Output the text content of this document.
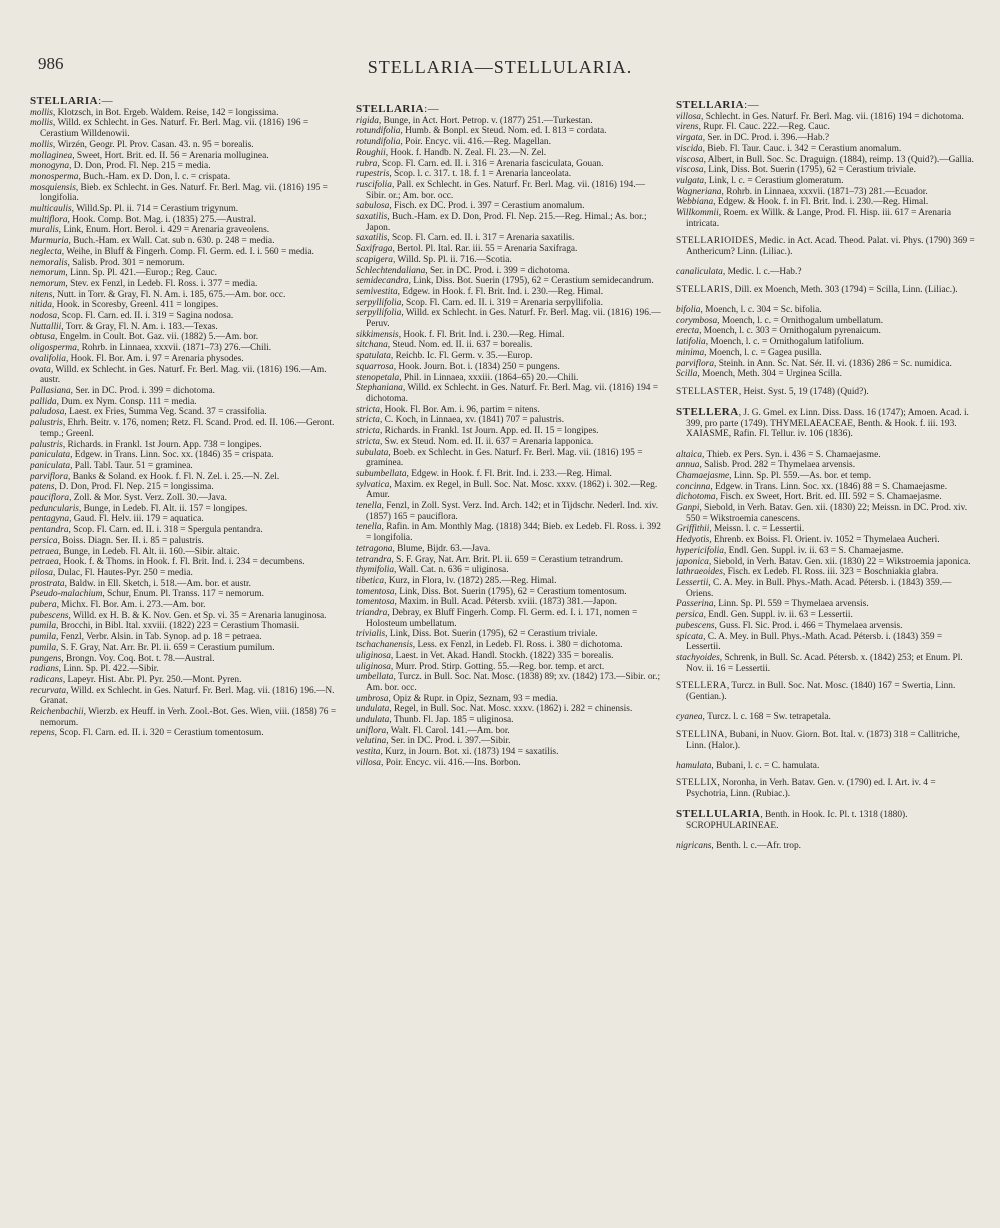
986	STELLARIA—STELLULARIA.
STELLARIA :—

mollis, Klotzsch, in Bot. Ergeb. Waldem. Reise, 142 = longissima.

mollis, Willd. ex Schlecht. in Ges. Naturf. Fr. Berl. Mag. vii. (1816) 196 = Cerastium Willdenowii.

mollis, Wirzén, Geogr. Pl. Prov. Casan. 43. n. 95 = borealis.

mollaginea, Sweet, Hort. Brit. ed. II. 56 = Arenaria molluginea.

monogyna, D. Don, Prod. Fl. Nep. 215 = media.

monosperma, Buch.-Ham. ex D. Don, l. c. = crispata.

mosquiensis, Bieb. ex Schlecht. in Ges. Naturf. Fr. Berl. Mag. vii. (1816) 195 = longifolia.

multicaulis, Willd.Sp. Pl. ii. 714 = Cerastium trigynum.

multiflora, Hook. Comp. Bot. Mag. i. (1835) 275.—Austral.

muralis, Link, Enum. Hort. Berol. i. 429 = Arenaria graveolens.

Murmuria, Buch.-Ham. ex Wall. Cat. sub n. 630. p. 248 = media.

neglecta, Weihe, in Bluff & Fingerh. Comp. Fl. Germ. ed. I. i. 560 = media.

nemoralis, Salisb. Prod. 301 = nemorum.

nemorum, Linn. Sp. Pl. 421.—Europ.; Reg. Cauc.

nemorum, Stev. ex Fenzl, in Ledeb. Fl. Ross. i. 377 = media.

nitens, Nutt. in Torr. & Gray, Fl. N. Am. i. 185, 675.—Am. bor. occ.

nitida, Hook. in Scoresby, Greenl. 411 = longipes.

nodosa, Scop. Fl. Carn. ed. II. i. 319 = Sagina nodosa.

Nuttallii, Torr. & Gray, Fl. N. Am. i. 183.—Texas.

obtusa, Engelm. in Coult. Bot. Gaz. vii. (1882) 5.—Am. bor.

oligosperma, Rohrb. in Linnaea, xxxvii. (1871–73) 276.—Chili.

ovalifolia, Hook. Fl. Bor. Am. i. 97 = Arenaria physodes.

ovata, Willd. ex Schlecht. in Ges. Naturf. Fr. Berl. Mag. vii. (1816) 196.—Am. austr.

Pallasiana, Ser. in DC. Prod. i. 399 = dichotoma.

pallida, Dum. ex Nym. Consp. 111 = media.

paludosa, Laest. ex Fries, Summa Veg. Scand. 37 = crassifolia.

palustris, Ehrh. Beitr. v. 176, nomen; Retz. Fl. Scand. Prod. ed. II. 106.—Geront. temp.; Greenl.

palustris, Richards. in Frankl. 1st Journ. App. 738 = longipes.

paniculata, Edgew. in Trans. Linn. Soc. xx. (1846) 35 = crispata.

paniculata, Pall. Tabl. Taur. 51 = graminea.

parviflora, Banks & Soland. ex Hook. f. Fl. N. Zel. i. 25.—N. Zel.

patens, D. Don, Prod. Fl. Nep. 215 = longissima.

pauciflora, Zoll. & Mor. Syst. Verz. Zoll. 30.—Java.

peduncularis, Bunge, in Ledeb. Fl. Alt. ii. 157 = longipes.

pentagyna, Gaud. Fl. Helv. iii. 179 = aquatica.

pentandra, Scop. Fl. Carn. ed. II. i. 318 = Spergula pentandra.

persica, Boiss. Diagn. Ser. II. i. 85 = palustris.

petraea, Bunge, in Ledeb. Fl. Alt. ii. 160.—Sibir. altaic.

petraea, Hook. f. & Thoms. in Hook. f. Fl. Brit. Ind. i. 234 = decumbens.

pilosa, Dulac, Fl. Hautes-Pyr. 250 = media.

prostrata, Baldw. in Ell. Sketch, i. 518.—Am. bor. et austr.

Pseudo-malachium, Schur, Enum. Pl. Transs. 117 = nemorum.

pubera, Michx. Fl. Bor. Am. i. 273.—Am. bor.

pubescens, Willd. ex H. B. & K. Nov. Gen. et Sp. vi. 35 = Arenaria lanuginosa.

pumila, Brocchi, in Bibl. Ital. xxviii. (1822) 223 = Cerastium Thomasii.

pumila, Fenzl, Verbr. Alsin. in Tab. Synop. ad p. 18 = petraea.

pumila, S. F. Gray, Nat. Arr. Br. Pl. ii. 659 = Cerastium pumilum.

pungens, Brongn. Voy. Coq. Bot. t. 78.—Austral.

radians, Linn. Sp. Pl. 422.—Sibir.

radicans, Lapeyr. Hist. Abr. Pl. Pyr. 250.—Mont. Pyren.

recurvata, Willd. ex Schlecht. in Ges. Naturf. Fr. Berl. Mag. vii. (1816) 196.—N. Granat.

Reichenbachii, Wierzb. ex Heuff. in Verh. Zool.-Bot. Ges. Wien, viii. (1858) 76 = nemorum.

repens, Scop. Fl. Carn. ed. II. i. 320 = Cerastium tomentosum.

STELLARIA :—

rigida, Bunge, in Act. Hort. Petrop. v. (1877) 251.—Turkestan.

rotundifolia, Humb. & Bonpl. ex Steud. Nom. ed. I. 813 = cordata.

rotundifolia, Poir. Encyc. vii. 416.—Reg. Magellan.

Roughii, Hook. f. Handb. N. Zeal. Fl. 23.—N. Zel.

rubra, Scop. Fl. Carn. ed. II. i. 316 = Arenaria fasciculata, Gouan.

rupestris, Scop. l. c. 317. t. 18. f. 1 = Arenaria lanceolata.

ruscifolia, Pall. ex Schlecht. in Ges. Naturf. Fr. Berl. Mag. vii. (1816) 194.—Sibir. or.; Am. bor. occ.

sabulosa, Fisch. ex DC. Prod. i. 397 = Cerastium anomalum.

saxatilis, Buch.-Ham. ex D. Don, Prod. Fl. Nep. 215.—Reg. Himal.; As. bor.; Japon.

saxatilis, Scop. Fl. Carn. ed. II. i. 317 = Arenaria saxatilis.

Saxifraga, Bertol. Pl. Ital. Rar. iii. 55 = Arenaria Saxifraga.

scapigera, Willd. Sp. Pl. ii. 716.—Scotia.

Schlechtendaliana, Ser. in DC. Prod. i. 399 = dichotoma.

semidecandra, Link, Diss. Bot. Suerin (1795), 62 = Cerastium semidecandrum.

semivestita, Edgew. in Hook. f. Fl. Brit. Ind. i. 230.—Reg. Himal.

serpyllifolia, Scop. Fl. Carn. ed. II. i. 319 = Arenaria serpyllifolia.

serpyllifolia, Willd. ex Schlecht. in Ges. Naturf. Fr. Berl. Mag. vii. (1816) 196.—Peruv.

sikkimensis, Hook. f. Fl. Brit. Ind. i. 230.—Reg. Himal.

sitchana, Steud. Nom. ed. II. ii. 637 = borealis.

spatulata, Reichb. Ic. Fl. Germ. v. 35.—Europ.

squarrosa, Hook. Journ. Bot. i. (1834) 250 = pungens.

stenopetala, Phil. in Linnaea, xxxiii. (1864–65) 20.—Chili.

Stephaniana, Willd. ex Schlecht. in Ges. Naturf. Fr. Berl. Mag. vii. (1816) 194 = dichotoma.

stricta, Hook. Fl. Bor. Am. i. 96, partim = nitens.

stricta, C. Koch, in Linnaea, xv. (1841) 707 = palustris.

stricta, Richards. in Frankl. 1st Journ. App. ed. II. 15 = longipes.

stricta, Sw. ex Steud. Nom. ed. II. ii. 637 = Arenaria lapponica.

subulata, Boeb. ex Schlecht. in Ges. Naturf. Fr. Berl. Mag. vii. (1816) 195 = graminea.

subumbellata, Edgew. in Hook. f. Fl. Brit. Ind. i. 233.—Reg. Himal.

sylvatica, Maxim. ex Regel, in Bull. Soc. Nat. Mosc. xxxv. (1862) i. 302.—Reg. Amur.

tenella, Fenzl, in Zoll. Syst. Verz. Ind. Arch. 142; et in Tijdschr. Nederl. Ind. xiv. (1857) 165 = pauciflora.

tenella, Rafin. in Am. Monthly Mag. (1818) 344; Bieb. ex Ledeb. Fl. Ross. i. 392 = longifolia.

tetragona, Blume, Bijdr. 63.—Java.

tetrandra, S. F. Gray, Nat. Arr. Brit. Pl. ii. 659 = Cerastium tetrandrum.

thymifolia, Wall. Cat. n. 636 = uliginosa.

tibetica, Kurz, in Flora, lv. (1872) 285.—Reg. Himal.

tomentosa, Link, Diss. Bot. Suerin (1795), 62 = Cerastium tomentosum.

tomentosa, Maxim. in Bull. Acad. Pétersb. xviii. (1873) 381.—Japon.

triandra, Debray, ex Bluff Fingerh. Comp. Fl. Germ. ed. I. i. 171, nomen = Holosteum umbellatum.

trivialis, Link, Diss. Bot. Suerin (1795), 62 = Cerastium triviale.

tschachanensis, Less. ex Fenzl, in Ledeb. Fl. Ross. i. 380 = dichotoma.

uliginosa, Laest. in Vet. Akad. Handl. Stockh. (1822) 335 = borealis.

uliginosa, Murr. Prod. Stirp. Gotting. 55.—Reg. bor. temp. et arct.

umbellata, Turcz. in Bull. Soc. Nat. Mosc. (1838) 89; xv. (1842) 173.—Sibir. or.; Am. bor. occ.

umbrosa, Opiz & Rupr. in Opiz, Seznam, 93 = media.

undulata, Regel, in Bull. Soc. Nat. Mosc. xxxv. (1862) i. 282 = chinensis.

undulata, Thunb. Fl. Jap. 185 = uliginosa.

uniflora, Walt. Fl. Carol. 141.—Am. bor.

velutina, Ser. in DC. Prod. i. 397.—Sibir.

vestita, Kurz, in Journ. Bot. xi. (1873) 194 = saxatilis.

villosa, Poir. Encyc. vii. 416.—Ins. Borbon.

STELLARIA :—

villosa, Schlecht. in Ges. Naturf. Fr. Berl. Mag. vii. (1816) 194 = dichotoma.

virens, Rupr. Fl. Cauc. 222.—Reg. Cauc.

virgata, Ser. in DC. Prod. i. 396.—Hab.?

viscida, Bieb. Fl. Taur. Cauc. i. 342 = Cerastium anomalum.

viscosa, Albert, in Bull. Soc. Sc. Draguign. (1884), reimp. 13 (Quid?).—Gallia.

viscosa, Link, Diss. Bot. Suerin (1795), 62 = Cerastium triviale.

vulgata, Link, l. c. = Cerastium glomeratum.

Wagneriana, Rohrb. in Linnaea, xxxvii. (1871–73) 281.—Ecuador.

Webbiana, Edgew. & Hook. f. in Fl. Brit. Ind. i. 230.—Reg. Himal.

Willkommii, Roem. ex Willk. & Lange, Prod. Fl. Hisp. iii. 617 = Arenaria intricata.

STELLARIOIDES, Medic. in Act. Acad. Theod. Palat. vi. Phys. (1790) 369 = Anthericum? Linn. (Liliac.).

canaliculata, Medic. l. c.—Hab.?

STELLARIS, Dill. ex Moench, Meth. 303 (1794) = Scilla, Linn. (Liliac.).

bifolia, Moench, l. c. 304 = Sc. bifolia.

corymbosa, Moench, l. c. = Ornithogalum umbellatum.

erecta, Moench, l. c. 303 = Ornithogalum pyrenaicum.

latifolia, Moench, l. c. = Ornithogalum latifolium.

minima, Moench, l. c. = Gagea pusilla.

parviflora, Steinh. in Ann. Sc. Nat. Sér. II. vi. (1836) 286 = Sc. numidica.

Scilla, Moench, Meth. 304 = Urginea Scilla.

STELLASTER, Heist. Syst. 5, 19 (1748) (Quid?).

STELLERA, J. G. Gmel. ex Linn. Diss. Dass. 16 (1747); Amoen. Acad. i. 399, pro parte (1749). THYMELAEACEAE, Benth. & Hook. f. iii. 193. XAIASME, Rafin. Fl. Tellur. iv. 106 (1836).

altaica, Thieb. ex Pers. Syn. i. 436 = S. Chamaejasme.

annua, Salisb. Prod. 282 = Thymelaea arvensis.

Chamaejasme, Linn. Sp. Pl. 559.—As. bor. et temp.

concinna, Edgew. in Trans. Linn. Soc. xx. (1846) 88 = S. Chamaejasme.

dichotoma, Fisch. ex Sweet, Hort. Brit. ed. III. 592 = S. Chamaejasme.

Ganpi, Siebold, in Verh. Batav. Gen. xii. (1830) 22; Meissn. in DC. Prod. xiv. 550 = Wikstroemia canescens.

Griffithii, Meissn. l. c. = Lessertii.

Hedyotis, Ehrenb. ex Boiss. Fl. Orient. iv. 1052 = Thymelaea Aucheri.

hypericifolia, Endl. Gen. Suppl. iv. ii. 63 = S. Chamaejasme.

japonica, Siebold, in Verh. Batav. Gen. xii. (1830) 22 = Wikstroemia japonica.

lathraeoides, Fisch. ex Ledeb. Fl. Ross. iii. 323 = Boschniakia glabra.

Lessertii, C. A. Mey. in Bull. Phys.-Math. Acad. Pétersb. i. (1843) 359.—Oriens.

Passerina, Linn. Sp. Pl. 559 = Thymelaea arvensis.

persica, Endl. Gen. Suppl. iv. ii. 63 = Lessertii.

pubescens, Guss. Fl. Sic. Prod. i. 466 = Thymelaea arvensis.

spicata, C. A. Mey. in Bull. Phys.-Math. Acad. Pétersb. i. (1843) 359 = Lessertii.

stachyoides, Schrenk, in Bull. Sc. Acad. Pétersb. x. (1842) 253; et Enum. Pl. Nov. ii. 16 = Lessertii.

STELLERA, Turcz. in Bull. Soc. Nat. Mosc. (1840) 167 = Swertia, Linn. (Gentian.).

cyanea, Turcz. l. c. 168 = Sw. tetrapetala.

STELLINA, Bubani, in Nuov. Giorn. Bot. Ital. v. (1873) 318 = Callitriche, Linn. (Halor.).

hamulata, Bubani, l. c. = C. hamulata.

STELLIX, Noronha, in Verh. Batav. Gen. v. (1790) ed. I. Art. iv. 4 = Psychotria, Linn. (Rubiac.).

STELLULARIA, Benth. in Hook. Ic. Pl. t. 1318 (1880). SCROPHULARINEAE.

nigricans, Benth. l. c.—Afr. trop.
